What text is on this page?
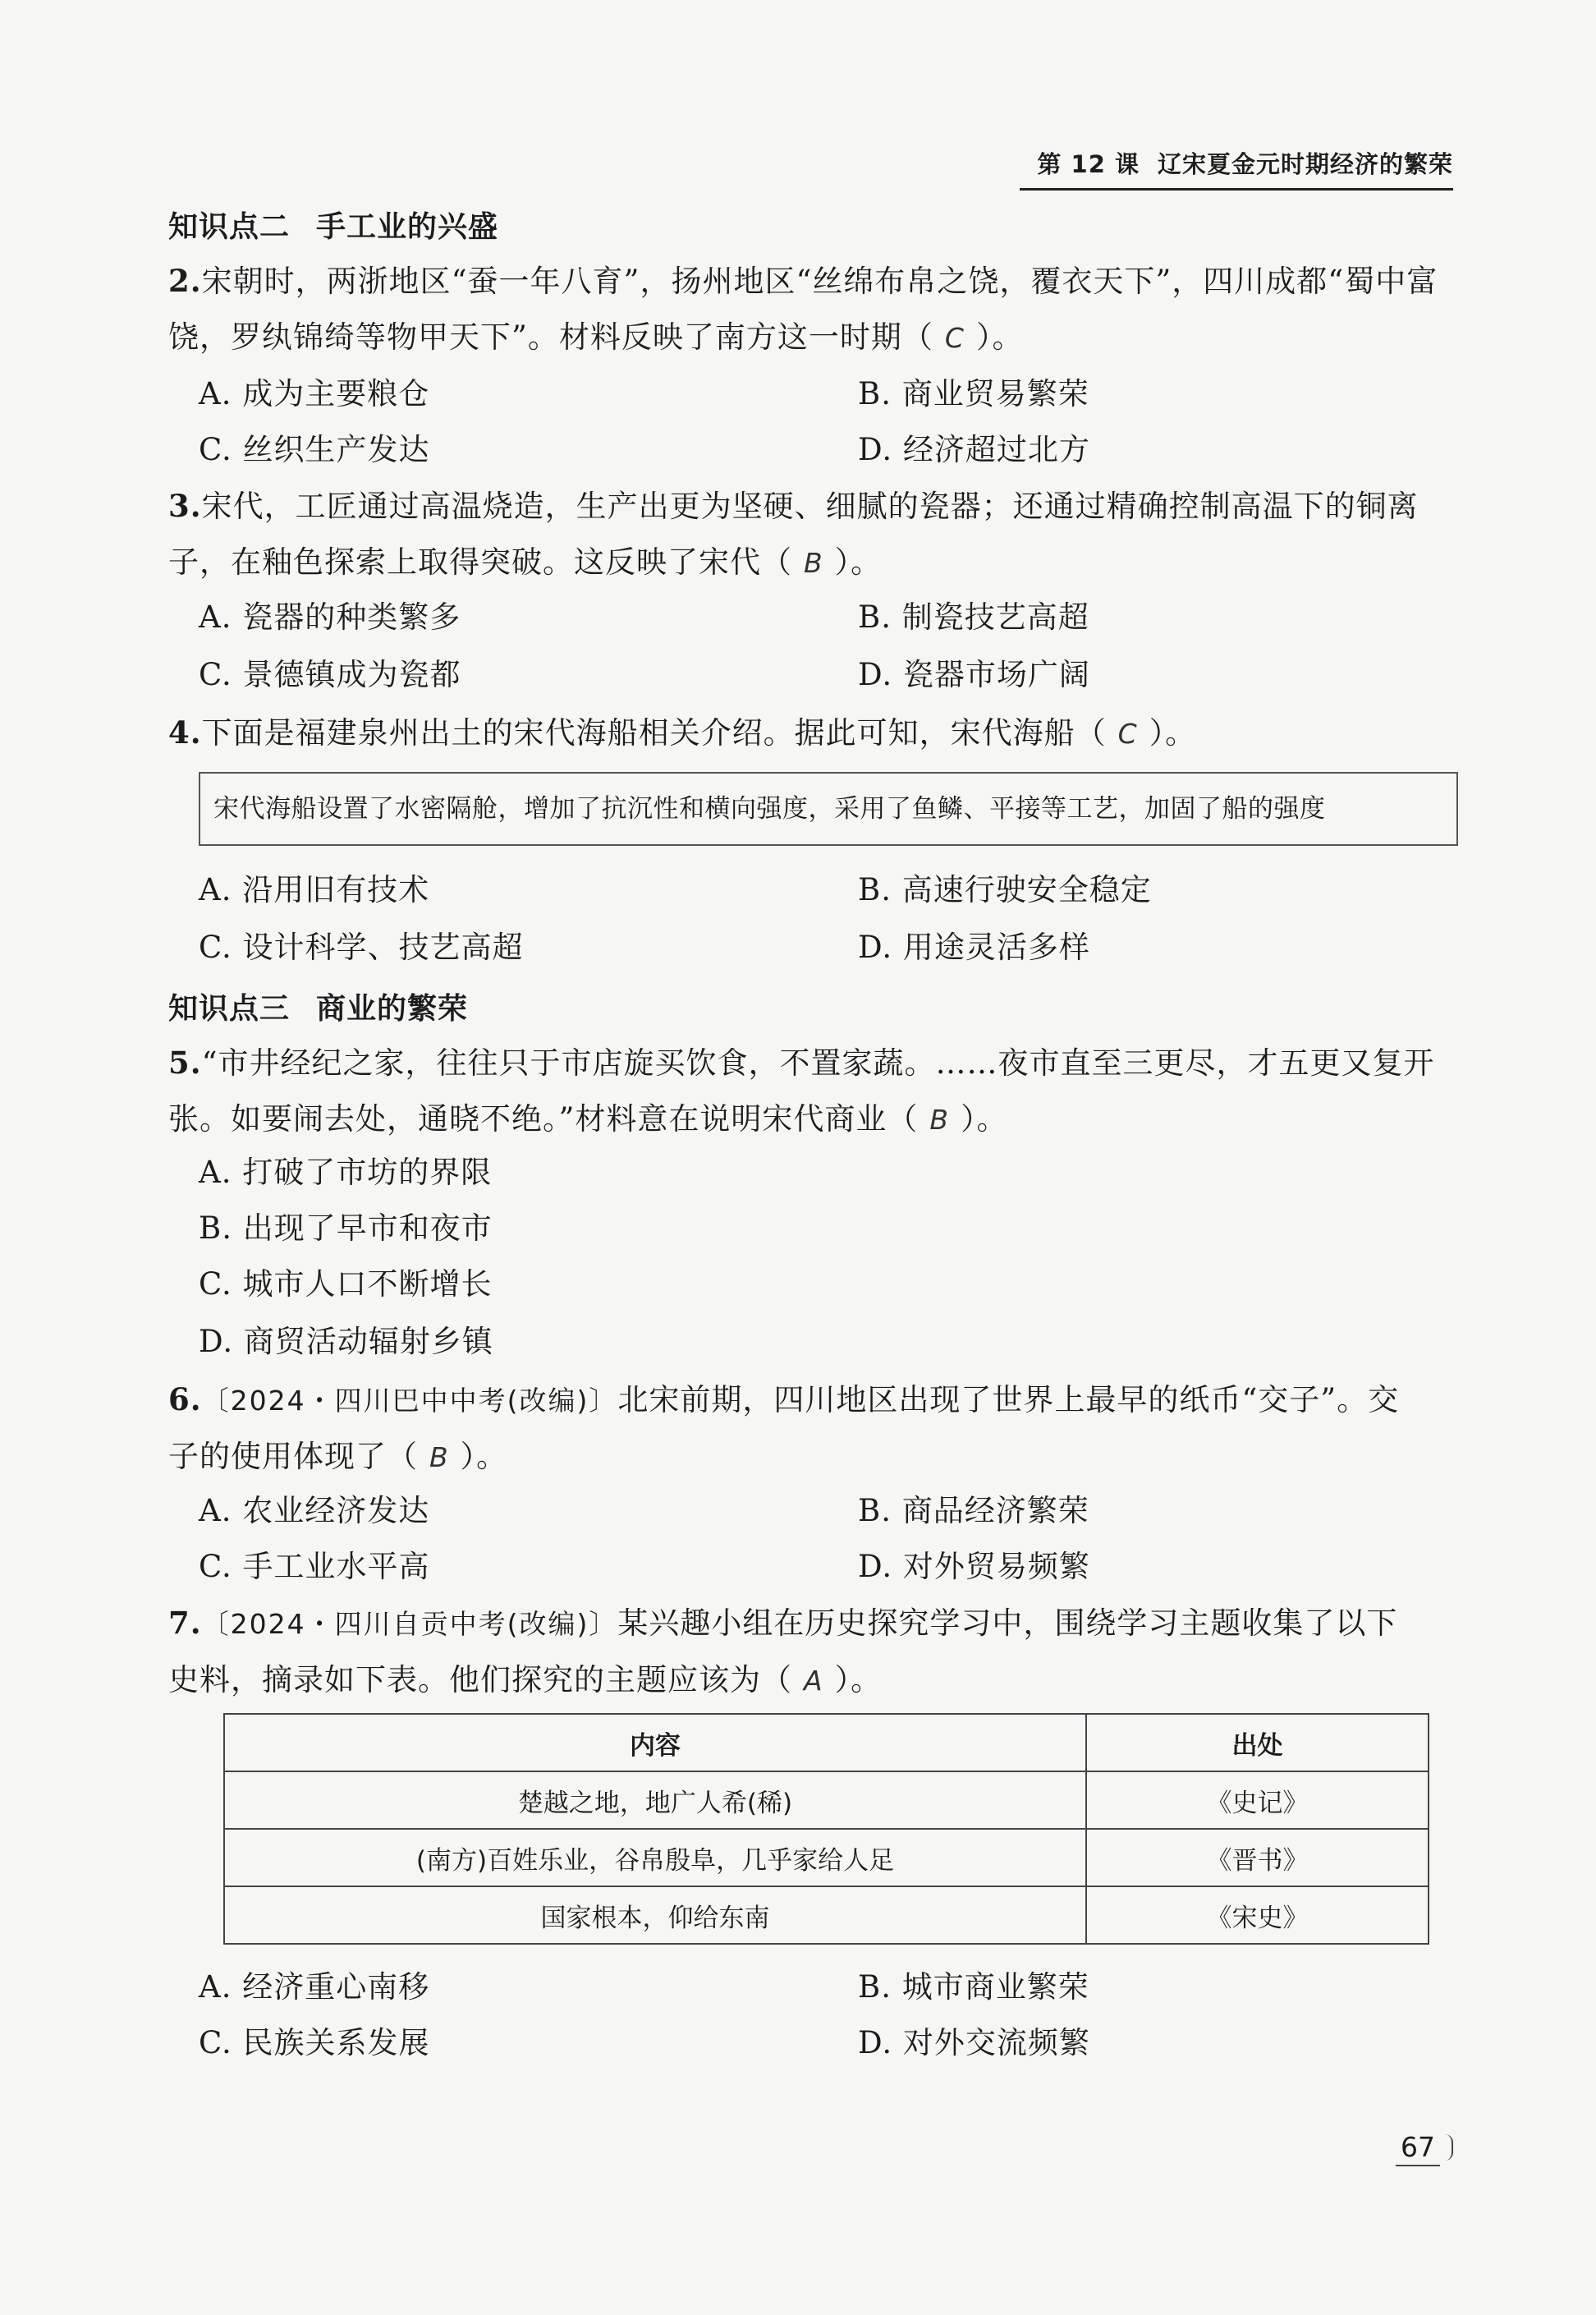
第 12 课 辽宋夏金元时期经济的繁荣
知识点二 手工业的兴盛
2.宋朝时，两浙地区“蚕一年八育”，扬州地区“丝绵布帛之饶，覆衣天下”，四川成都“蜀中富
饶，罗纨锦绮等物甲天下”。材料反映了南方这一时期（ C ）。
A. 成为主要粮仓	B. 商业贸易繁荣
C. 丝织生产发达	D. 经济超过北方
3.宋代，工匠通过高温烧造，生产出更为坚硬、细腻的瓷器；还通过精确控制高温下的铜离
子，在釉色探索上取得突破。这反映了宋代（ B ）。
A. 瓷器的种类繁多	B. 制瓷技艺高超
C. 景德镇成为瓷都	D. 瓷器市场广阔
4.下面是福建泉州出土的宋代海船相关介绍。据此可知，宋代海船（ C ）。
宋代海船设置了水密隔舱，增加了抗沉性和横向强度，采用了鱼鳞、平接等工艺，加固了船的强度
A. 沿用旧有技术	B. 高速行驶安全稳定
C. 设计科学、技艺高超	D. 用途灵活多样
知识点三 商业的繁荣
5.“市井经纪之家，往往只于市店旋买饮食，不置家蔬。……夜市直至三更尽，才五更又复开
张。如要闹去处，通晓不绝。”材料意在说明宋代商业（ B ）。
A. 打破了市坊的界限
B. 出现了早市和夜市
C. 城市人口不断增长
D. 商贸活动辐射乡镇
6.〔2024・四川巴中中考(改编)〕北宋前期，四川地区出现了世界上最早的纸币“交子”。交
子的使用体现了（ B ）。
A. 农业经济发达	B. 商品经济繁荣
C. 手工业水平高	D. 对外贸易频繁
7.〔2024・四川自贡中考(改编)〕某兴趣小组在历史探究学习中，围绕学习主题收集了以下
史料，摘录如下表。他们探究的主题应该为（ A ）。
内容	出处
楚越之地，地广人希(稀)	《史记》
(南方)百姓乐业，谷帛殷阜，几乎家给人足	《晋书》
国家根本，仰给东南	《宋史》
A. 经济重心南移	B. 城市商业繁荣
C. 民族关系发展	D. 对外交流频繁
67
